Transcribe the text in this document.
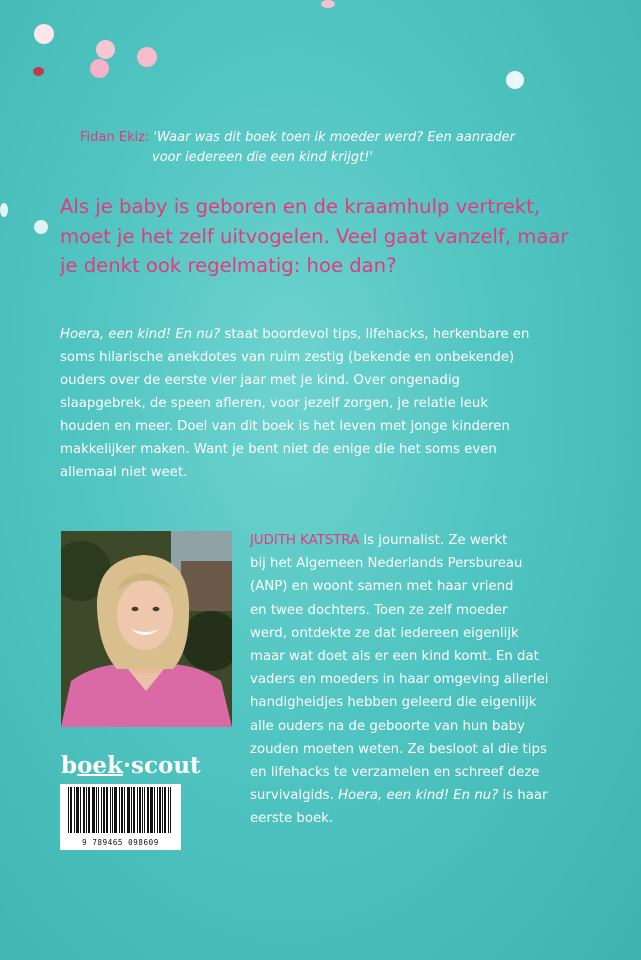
Fidan Ekiz: 'Waar was dit boek toen ik moeder werd? Een aanrader
voor iedereen die een kind krijgt!'
Als je baby is geboren en de kraamhulp vertrekt,
moet je het zelf uitvogelen. Veel gaat vanzelf, maar
je denkt ook regelmatig: hoe dan?
Hoera, een kind! En nu? staat boordevol tips, lifehacks, herkenbare en
soms hilarische anekdotes van ruim zestig (bekende en onbekende)
ouders over de eerste vier jaar met je kind. Over ongenadig
slaapgebrek, de speen afleren, voor jezelf zorgen, je relatie leuk
houden en meer. Doel van dit boek is het leven met jonge kinderen
makkelijker maken. Want je bent niet de enige die het soms even
allemaal niet weet.
JUDITH KATSTRA is journalist. Ze werkt
bij het Algemeen Nederlands Persbureau
(ANP) en woont samen met haar vriend
en twee dochters. Toen ze zelf moeder
werd, ontdekte ze dat iedereen eigenlijk
maar wat doet als er een kind komt. En dat
vaders en moeders in haar omgeving allerlei
handigheidjes hebben geleerd die eigenlijk
alle ouders na de geboorte van hun baby
zouden moeten weten. Ze besloot al die tips
en lifehacks te verzamelen en schreef deze
survivalgids. Hoera, een kind! En nu? is haar
eerste boek.
boek·scout
9 789465 098609
